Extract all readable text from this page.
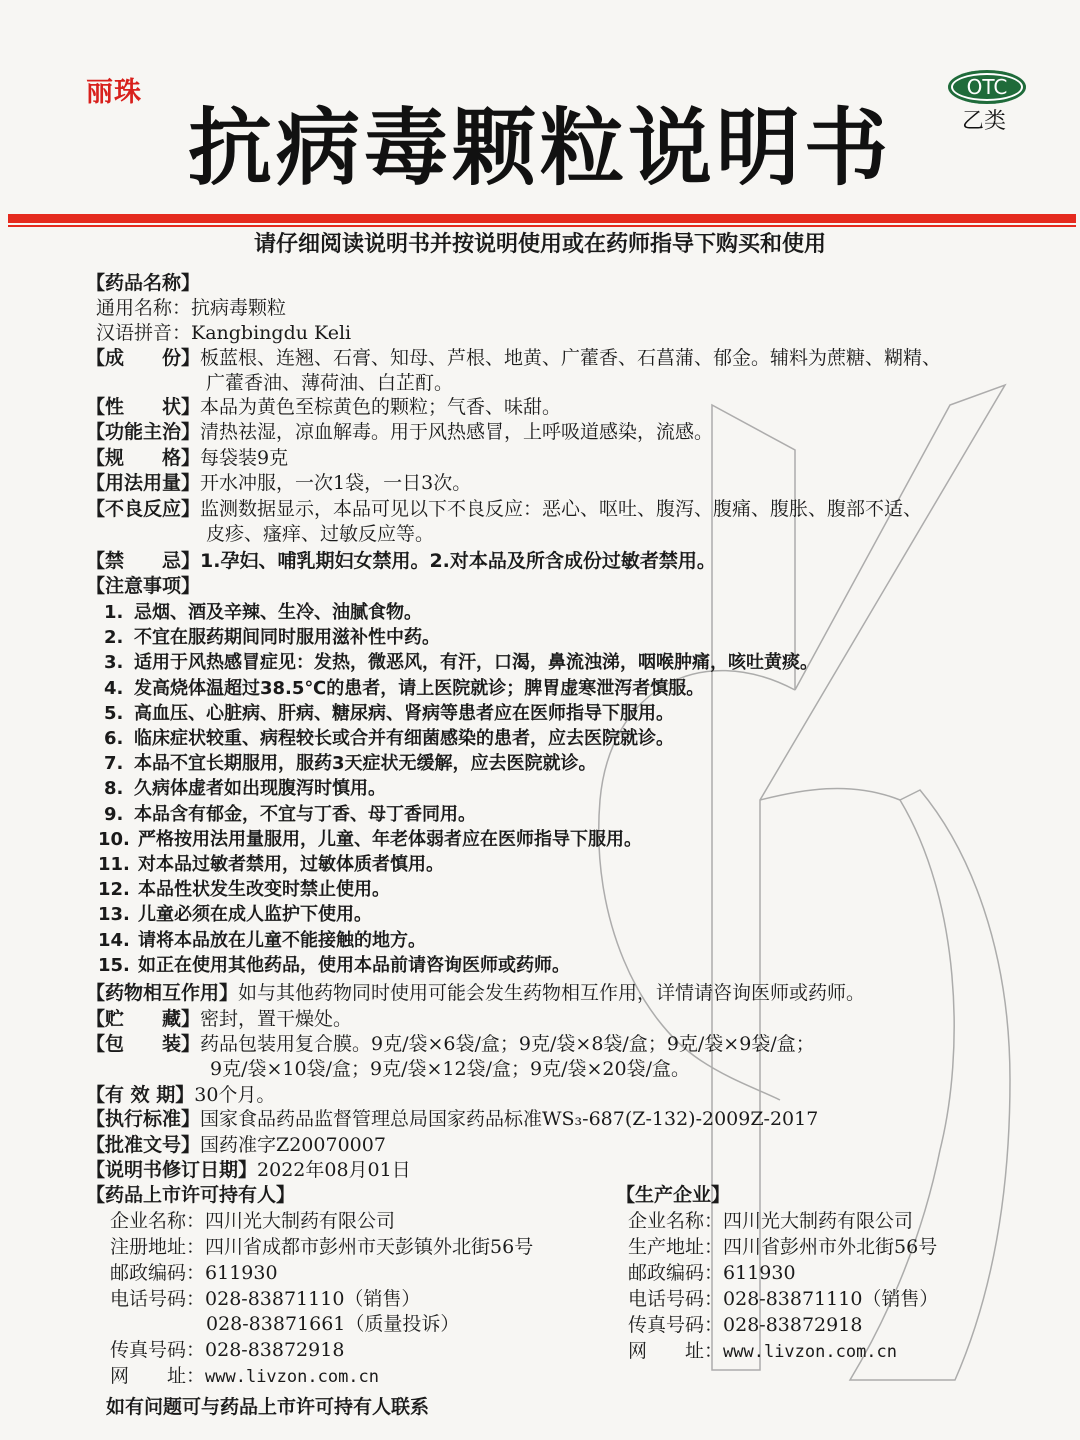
丽珠	OTC
乙类
抗病毒颗粒说明书
请仔细阅读说明书并按说明使用或在药师指导下购买和使用
【药品名称】
通用名称：抗病毒颗粒
汉语拼音：Kangbingdu Keli
【成　　份】板蓝根、连翘、石膏、知母、芦根、地黄、广藿香、石菖蒲、郁金。辅料为蔗糖、糊精、
广藿香油、薄荷油、白芷酊。
【性　　状】本品为黄色至棕黄色的颗粒；气香、味甜。
【功能主治】清热祛湿，凉血解毒。用于风热感冒，上呼吸道感染，流感。
【规　　格】每袋装9克
【用法用量】开水冲服，一次1袋，一日3次。
【不良反应】监测数据显示，本品可见以下不良反应：恶心、呕吐、腹泻、腹痛、腹胀、腹部不适、
皮疹、瘙痒、过敏反应等。
【禁　　忌】1.孕妇、哺乳期妇女禁用。2.对本品及所含成份过敏者禁用。
【注意事项】
1. 忌烟、酒及辛辣、生冷、油腻食物。
2. 不宜在服药期间同时服用滋补性中药。
3. 适用于风热感冒症见：发热，微恶风，有汗，口渴，鼻流浊涕，咽喉肿痛，咳吐黄痰。
4. 发高烧体温超过38.5℃的患者，请上医院就诊；脾胃虚寒泄泻者慎服。
5. 高血压、心脏病、肝病、糖尿病、肾病等患者应在医师指导下服用。
6. 临床症状较重、病程较长或合并有细菌感染的患者，应去医院就诊。
7. 本品不宜长期服用，服药3天症状无缓解，应去医院就诊。
8. 久病体虚者如出现腹泻时慎用。
9. 本品含有郁金，不宜与丁香、母丁香同用。
10. 严格按用法用量服用，儿童、年老体弱者应在医师指导下服用。
11. 对本品过敏者禁用，过敏体质者慎用。
12. 本品性状发生改变时禁止使用。
13. 儿童必须在成人监护下使用。
14. 请将本品放在儿童不能接触的地方。
15. 如正在使用其他药品，使用本品前请咨询医师或药师。
【药物相互作用】如与其他药物同时使用可能会发生药物相互作用，详情请咨询医师或药师。
【贮　　藏】密封，置干燥处。
【包　　装】药品包装用复合膜。9克/袋×6袋/盒；9克/袋×8袋/盒；9克/袋×9袋/盒；
9克/袋×10袋/盒；9克/袋×12袋/盒；9克/袋×20袋/盒。
【有 效 期】30个月。
【执行标准】国家食品药品监督管理总局国家药品标准WS₃-687(Z-132)-2009Z-2017
【批准文号】国药准字Z20070007
【说明书修订日期】2022年08月01日
【药品上市许可持有人】
企业名称：四川光大制药有限公司
注册地址：四川省成都市彭州市天彭镇外北街56号
邮政编码：611930
电话号码：028-83871110（销售）
028-83871661（质量投诉）
传真号码：028-83872918
网　　址：www.livzon.com.cn
【生产企业】
企业名称：四川光大制药有限公司
生产地址：四川省彭州市外北街56号
邮政编码：611930
电话号码：028-83871110（销售）
传真号码：028-83872918
网　　址：www.livzon.com.cn
如有问题可与药品上市许可持有人联系
